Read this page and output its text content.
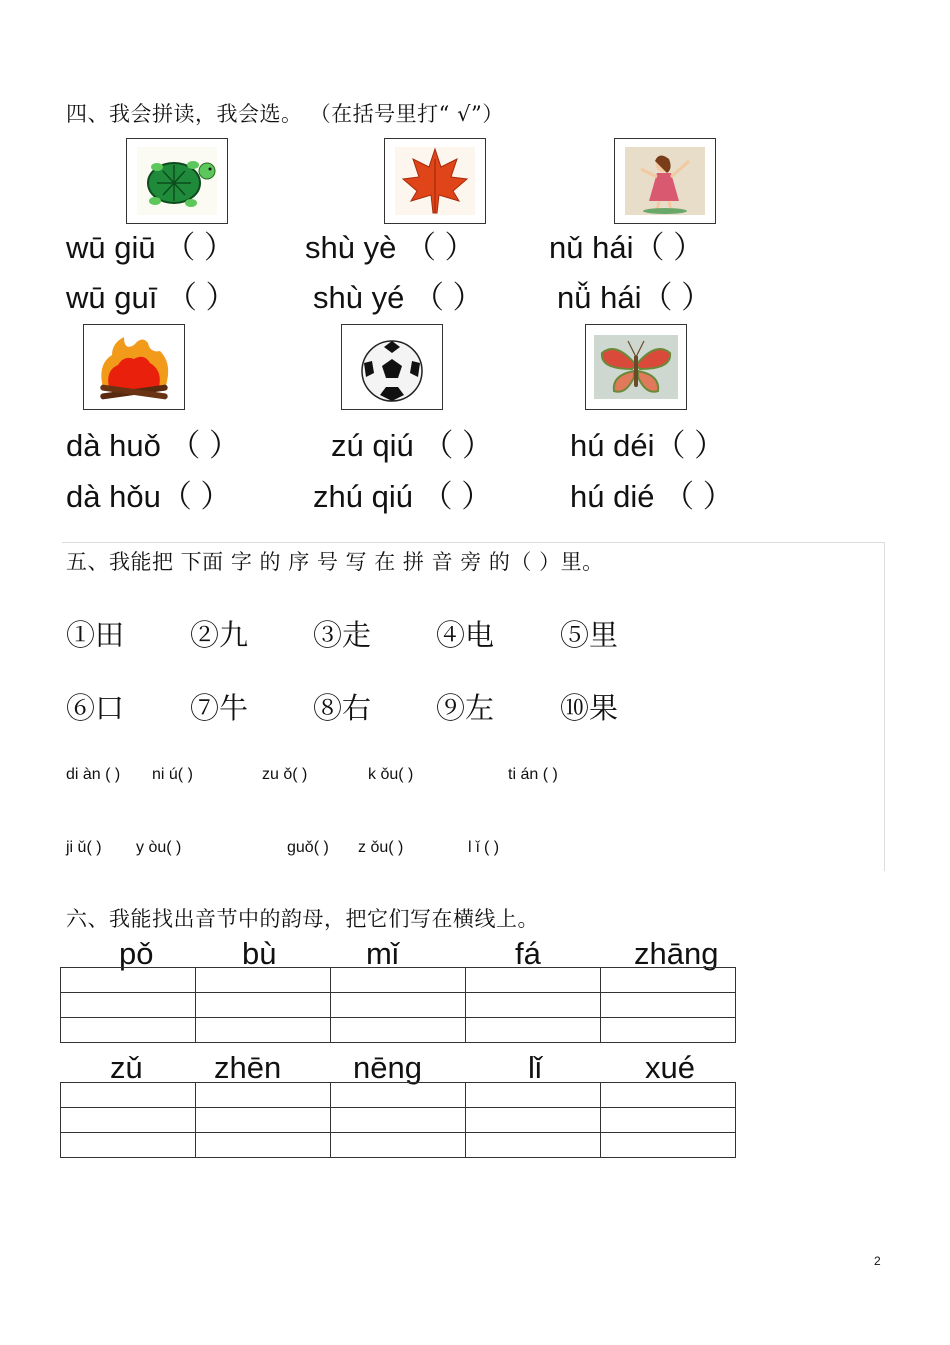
四、我会拼读，我会选。 （在括号里打“ √”）
wū giū （ ） shù yè （ ） nǔ hái（ ）
wū guī （ ） shù yé （ ） nǚ hái（ ）
dà huǒ （ ）	zú qiú （ ） hú déi（ ）
dà hǒu（ ）	zhú qiú （ ）	hú dié （ ）
五、我能把 下面 字 的 序 号 写 在 拼 音 旁 的（ ）里。
①田 ②九 ③走 ④电 ⑤里
⑥口 ⑦牛 ⑧右 ⑨左 ⑩果
di àn ( ) ni ú( )	zu ǒ( )	k ǒu( )	ti án ( )
ji ǔ( ) y òu( )	guǒ( ) z ǒu( )	l ǐ ( )
六、我能找出音节中的韵母，把它们写在横线上。
pǒ	bù	mǐ	fá	zhāng

zǔ zhēn nēng	lǐ	xué

2
